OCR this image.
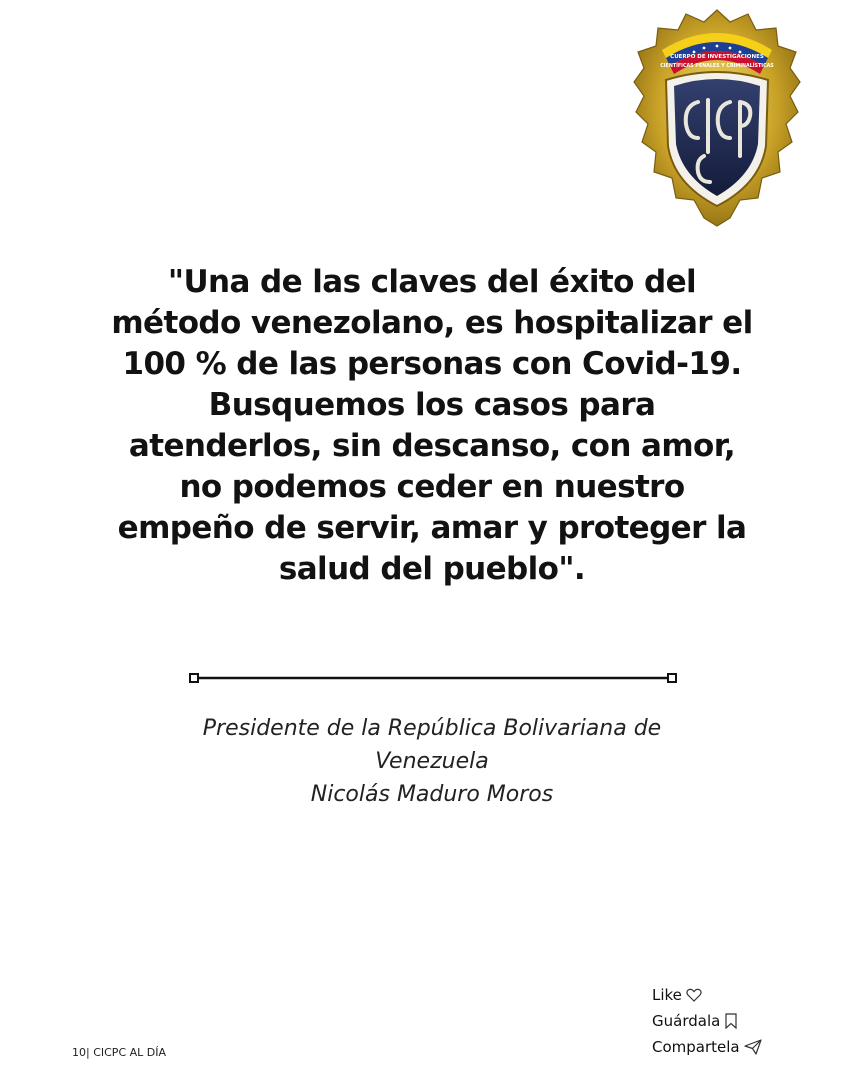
CUERPO DE INVESTIGACIONES
CIENTÍFICAS PENALES Y CRIMINALÍSTICAS

"Una de las claves del éxito del método venezolano, es hospitalizar el 100 % de las personas con Covid-19. Busquemos los casos para atenderlos, sin descanso, con amor, no podemos ceder en nuestro empeño de servir, amar y proteger la salud del pueblo".

Presidente de la República Bolivariana de Venezuela
Nicolás Maduro Moros
10| CICPC AL DÍA
Like
Guárdala
Compartela
